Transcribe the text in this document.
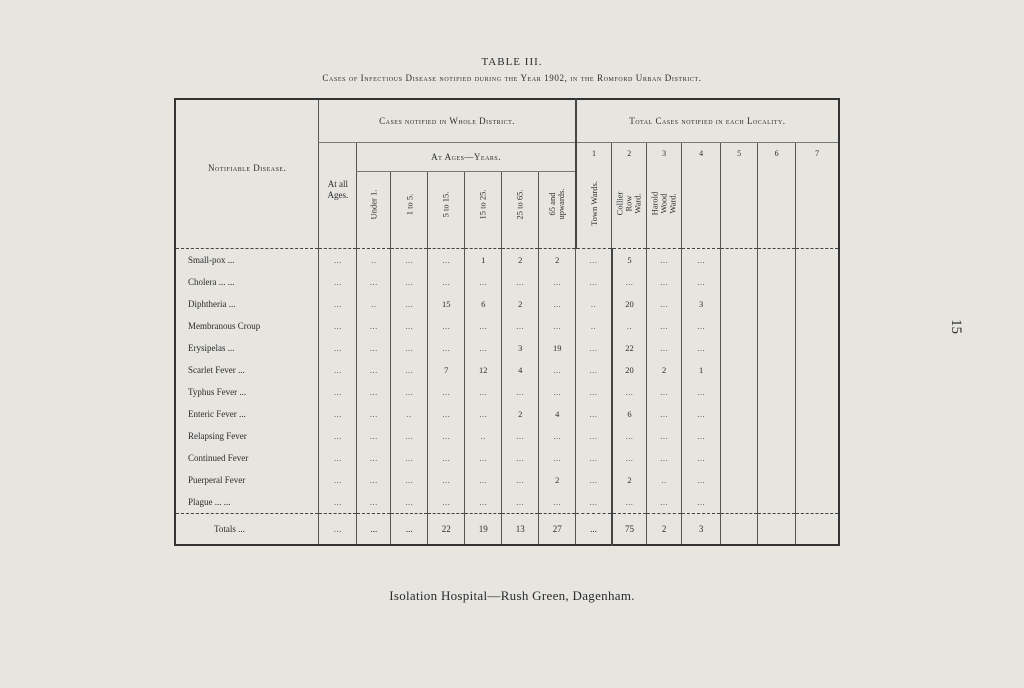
TABLE III.
Cases of Infectious Disease notified during the Year 1902, in the Romford Urban District.
15
Notifiable Disease.	Cases notified in Whole District.							Total Cases notified in each Locality.						
	At all Ages.	At Ages—Years.						1	2	3	4	5	6	7

		Under 1.	1 to 5.	5 to 15.	15 to 25.	25 to 65.	65 and upwards.	Town Wards.	Collier Row Ward.	Harold Wood Ward.				

Small-pox ...	...	..	...	...	1	2	2	...	5	...	...			
Cholera ... ...	...	...	...	...	...	...	...	...	...	...	...			
Diphtheria ...	...	..	...	15	6	2	...	..	20	...	3			
Membranous Croup	...	...	...	...	...	...	...	..	..	...	...			
Erysipelas ...	...	...	...	...	...	3	19	...	22	...	...			
Scarlet Fever ...	...	...	...	7	12	4	...	...	20	2	1			
Typhus Fever ...	...	...	...	...	...	...	...	...	...	...	...			
Enteric Fever ...	...	...	..	...	...	2	4	...	6	...	...			
Relapsing Fever	...	...	...	...	..	...	...	...	...	...	...			
Continued Fever	...	...	...	...	...	...	...	...	...	...	...			
Puerperal Fever	...	...	...	...	...	...	2	...	2	..	...			
Plague ... ...	...	...	...	...	...	...	...	...	...	...	...			
Totals ...	...	...	...	22	19	13	27	...	75	2	3			
Isolation Hospital—Rush Green, Dagenham.
